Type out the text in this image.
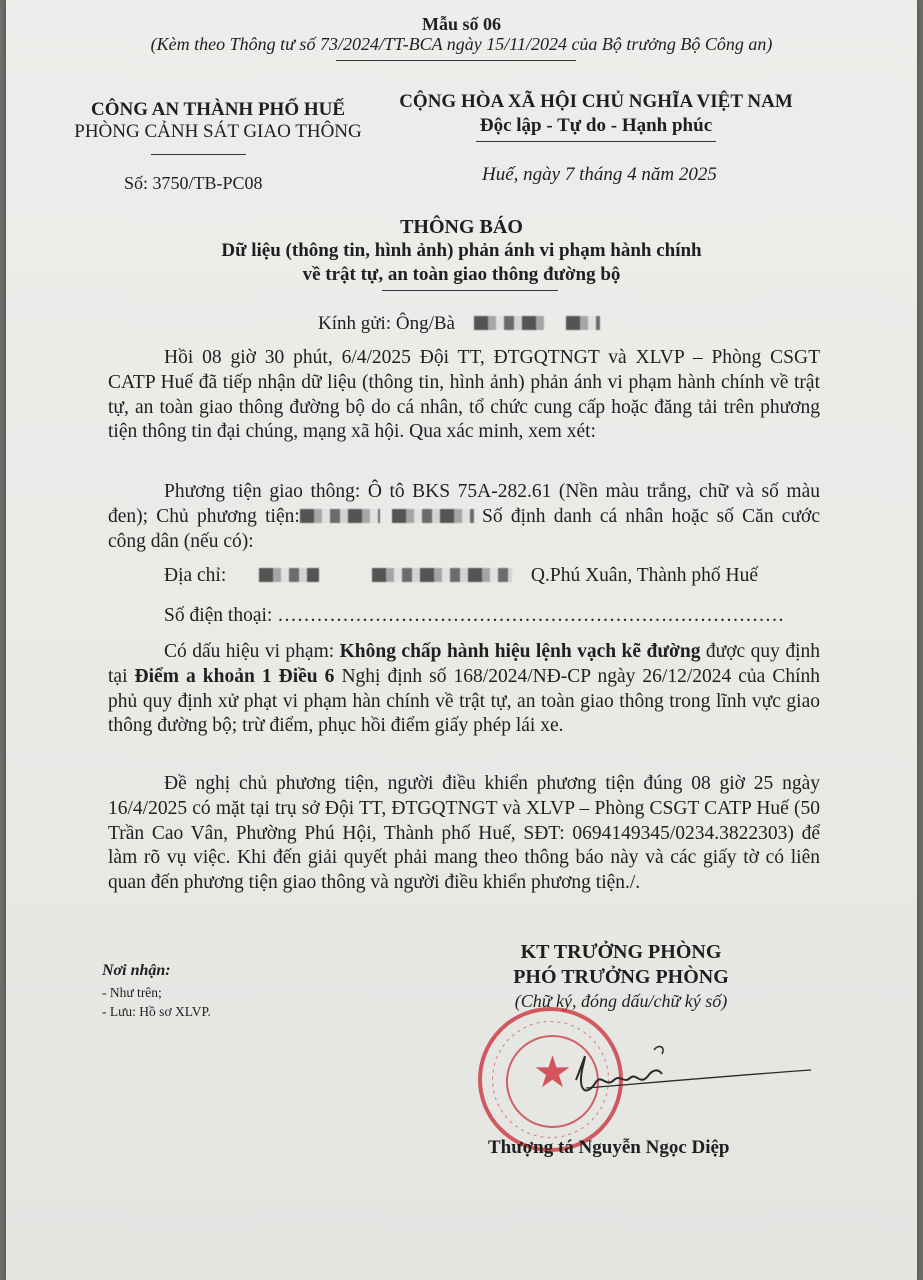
Mẫu số 06
(Kèm theo Thông tư số 73/2024/TT-BCA ngày 15/11/2024 của Bộ trưởng Bộ Công an)
CÔNG AN THÀNH PHỐ HUẾ
PHÒNG CẢNH SÁT GIAO THÔNG
Số: 3750/TB-PC08
CỘNG HÒA XÃ HỘI CHỦ NGHĨA VIỆT NAM
Độc lập - Tự do - Hạnh phúc
Huế, ngày 7 tháng 4 năm 2025
THÔNG BÁO
Dữ liệu (thông tin, hình ảnh) phản ánh vi phạm hành chính
về trật tự, an toàn giao thông đường bộ
Kính gửi: Ông/Bà

Hồi 08 giờ 30 phút, 6/4/2025 Đội TT, ĐTGQTNGT và XLVP – Phòng CSGT CATP Huế đã tiếp nhận dữ liệu (thông tin, hình ảnh) phản ánh vi phạm hành chính về trật tự, an toàn giao thông đường bộ do cá nhân, tổ chức cung cấp hoặc đăng tải trên phương tiện thông tin đại chúng, mạng xã hội. Qua xác minh, xem xét:

Phương tiện giao thông: Ô tô BKS 75A-282.61 (Nền màu trắng, chữ và số màu đen); Chủ phương tiện:	Số định danh cá nhân hoặc số Căn cước công dân (nếu có):

Địa chỉ:	Q.Phú Xuân, Thành phố Huế
Số điện thoại: ……………………………………………………………………

Có dấu hiệu vi phạm: Không chấp hành hiệu lệnh vạch kẽ đường được quy định tại Điểm a khoản 1 Điều 6 Nghị định số 168/2024/NĐ-CP ngày 26/12/2024 của Chính phủ quy định xử phạt vi phạm hàn chính về trật tự, an toàn giao thông trong lĩnh vực giao thông đường bộ; trừ điểm, phục hồi điểm giấy phép lái xe.

Đề nghị chủ phương tiện, người điều khiển phương tiện đúng 08 giờ 25 ngày 16/4/2025 có mặt tại trụ sở Đội TT, ĐTGQTNGT và XLVP – Phòng CSGT CATP Huế (50 Trần Cao Vân, Phường Phú Hội, Thành phố Huế, SĐT: 0694149345/0234.3822303) để làm rõ vụ việc. Khi đến giải quyết phải mang theo thông báo này và các giấy tờ có liên quan đến phương tiện giao thông và người điều khiển phương tiện./.

Nơi nhận:
- Như trên;
- Lưu: Hồ sơ XLVP.
KT TRƯỞNG PHÒNG
PHÓ TRƯỞNG PHÒNG
(Chữ ký, đóng dấu/chữ ký số)
★
Thượng tá Nguyễn Ngọc Diệp
